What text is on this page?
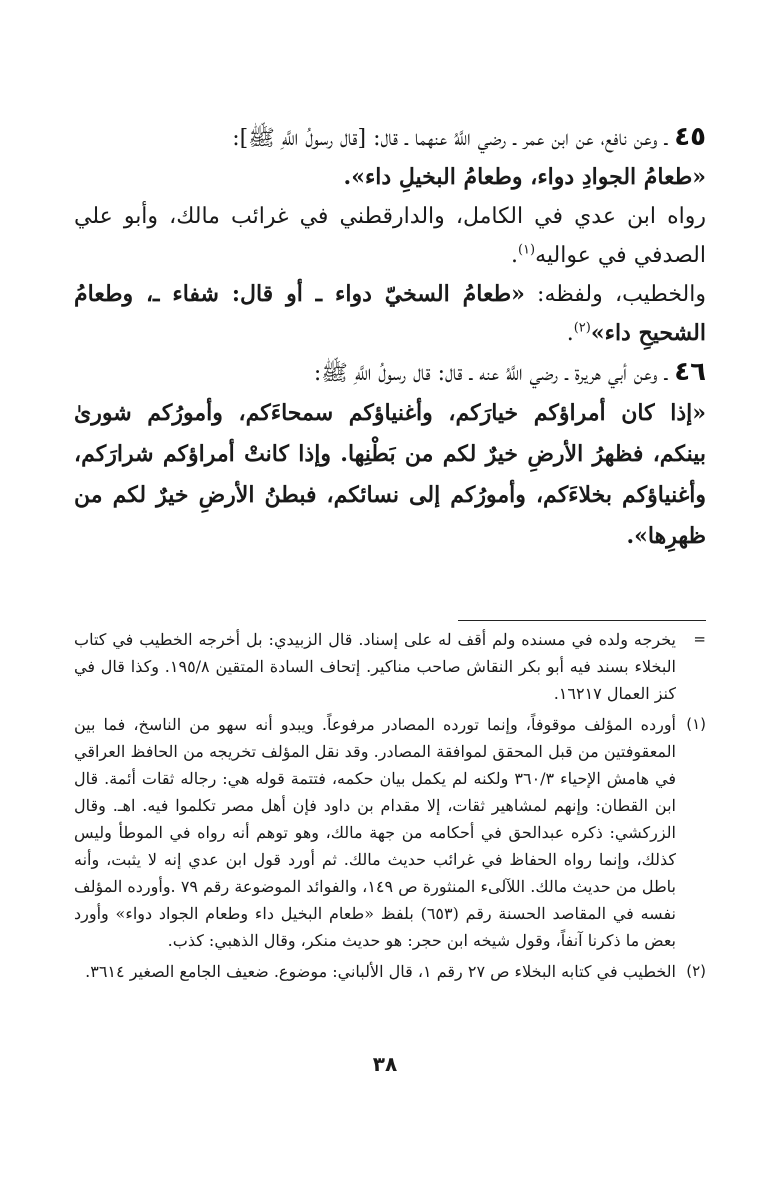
٤٥ ـ وعن نافع، عن ابن عمر ـ رضي اللَّهُ عنهما ـ قال: [قال رسولُ اللَّهِ ﷺ]:

«طعامُ الجوادِ دواء، وطعامُ البخيلِ داء».

رواه ابن عدي في الكامل، والدارقطني في غرائب مالك، وأبو علي الصدفي في عواليه$^{(١)}$.

والخطيب، ولفظه: «طعامُ السخيّ دواء ـ أو قال: شفاء ـ، وطعامُ الشحيحِ داء»$^{(٢)}$.

٤٦ ـ وعن أبي هريرة ـ رضي اللَّهُ عنه ـ قال: قال رسولُ اللَّهِ ﷺ:

«إذا كان أمراؤكم خيارَكم، وأغنياؤكم سمحاءَكم، وأمورُكم شورىٰ بينكم، فظهرُ الأرضِ خيرٌ لكم من بَطْنِها. وإذا كانتْ أمراؤكم شرارَكم، وأغنياؤكم بخلاءَكم، وأمورُكم إلى نسائكم، فبطنُ الأرضِ خيرٌ لكم من ظهرِها».

=
يخرجه ولده في مسنده ولم أقف له على إسناد. قال الزبيدي: بل أخرجه الخطيب في كتاب البخلاء بسند فيه أبو بكر النقاش صاحب مناكير. إتحاف السادة المتقين ١٩٥/٨. وكذا قال في كنز العمال ١٦٢١٧.
(١)
أورده المؤلف موقوفاً، وإنما تورده المصادر مرفوعاً. ويبدو أنه سهو من الناسخ، فما بين المعقوفتين من قبل المحقق لموافقة المصادر. وقد نقل المؤلف تخريجه من الحافظ العراقي في هامش الإحياء ٣٦٠/٣ ولكنه لم يكمل بيان حكمه، فتتمة قوله هي: رجاله ثقات أئمة. قال ابن القطان: وإنهم لمشاهير ثقات، إلا مقدام بن داود فإن أهل مصر تكلموا فيه. اهـ. وقال الزركشي: ذكره عبدالحق في أحكامه من جهة مالك، وهو توهم أنه رواه في الموطأ وليس كذلك، وإنما رواه الحفاظ في غرائب حديث مالك. ثم أورد قول ابن عدي إنه لا يثبت، وأنه باطل من حديث مالك. اللآلىء المنثورة ص ١٤٩، والفوائد الموضوعة رقم ٧٩ .وأورده المؤلف نفسه في المقاصد الحسنة رقم (٦٥٣) بلفظ «طعام البخيل داء وطعام الجواد دواء» وأورد بعض ما ذكرنا آنفاً، وقول شيخه ابن حجر: هو حديث منكر، وقال الذهبي: كذب.
(٢)
الخطيب في كتابه البخلاء ص ٢٧ رقم ١، قال الألباني: موضوع. ضعيف الجامع الصغير ٣٦١٤.
٣٨
